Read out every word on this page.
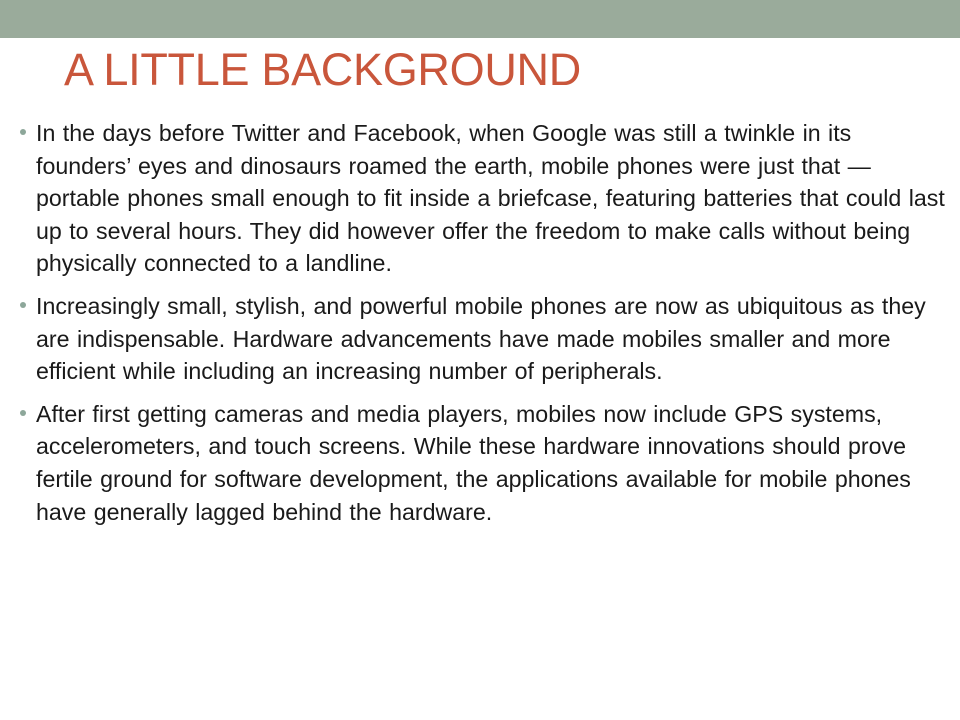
A LITTLE BACKGROUND
In the days before Twitter and Facebook, when Google was still a twinkle in its founders’ eyes and dinosaurs roamed the earth, mobile phones were just that — portable phones small enough to fit inside a briefcase, featuring batteries that could last up to several hours. They did however offer the freedom to make calls without being physically connected to a landline.
Increasingly small, stylish, and powerful mobile phones are now as ubiquitous as they are indispensable. Hardware advancements have made mobiles smaller and more efficient while including an increasing number of peripherals.
After first getting cameras and media players, mobiles now include GPS systems, accelerometers, and touch screens. While these hardware innovations should prove fertile ground for software development, the applications available for mobile phones have generally lagged behind the hardware.
